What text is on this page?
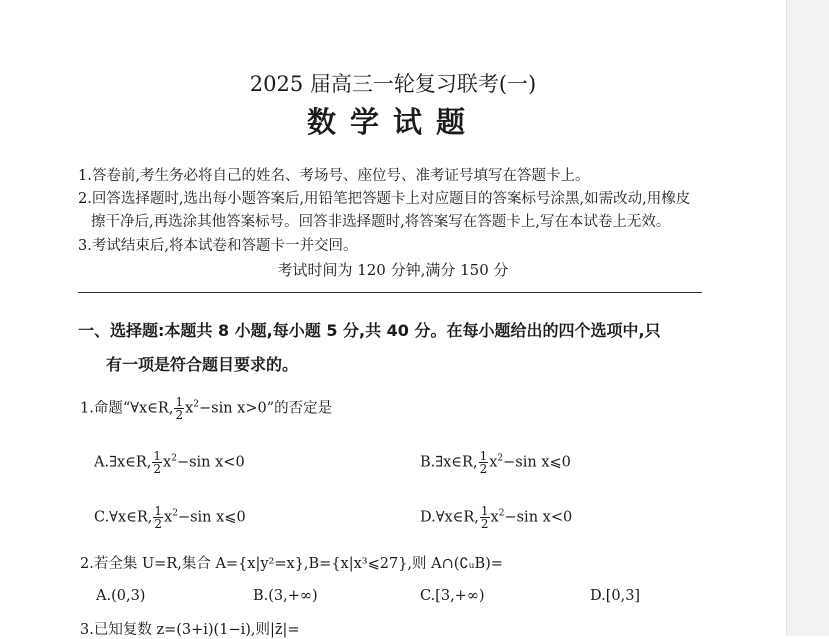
2025 届高三一轮复习联考(一)
数学试题
1.答卷前,考生务必将自己的姓名、考场号、座位号、准考证号填写在答题卡上。
2.回答选择题时,选出每小题答案后,用铅笔把答题卡上对应题目的答案标号涂黑,如需改动,用橡皮
擦干净后,再选涂其他答案标号。回答非选择题时,将答案写在答题卡上,写在本试卷上无效。
3.考试结束后,将本试卷和答题卡一并交回。
考试时间为 120 分钟,满分 150 分
一、选择题:本题共 8 小题,每小题 5 分,共 40 分。在每小题给出的四个选项中,只
有一项是符合题目要求的。
1.命题“∀x∈R, $\frac{1}{2} x^2-\sin$ x>0”的否定是
A.∃x∈R, $\frac{1}{2} x^2-\sin$ x<0	B.∃x∈R, $\frac{1}{2} x^2-\sin$ x⩽0
C.∀x∈R, $\frac{1}{2} x^2-\sin$ x⩽0	D.∀x∈R, $\frac{1}{2} x^2-\sin$ x<0
2.若全集 U=R,集合 A={x|y²=x},B={x|x³⩽27},则 A∩(∁ᵤB)=
A.(0,3)	B.(3,+∞)	C.[3,+∞)	D.[0,3]
3.已知复数 z=(3+i)(1−i),则|z̄|=
